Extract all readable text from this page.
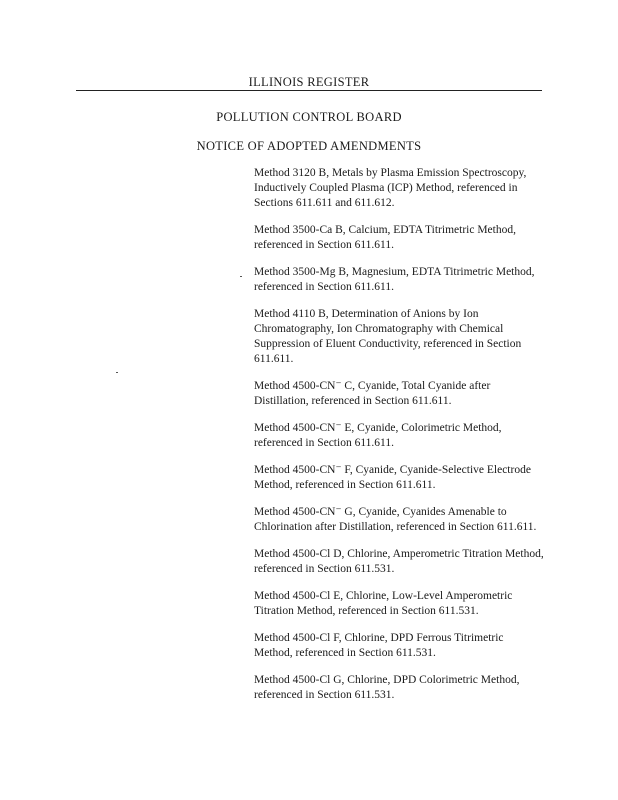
ILLINOIS REGISTER
POLLUTION CONTROL BOARD
NOTICE OF ADOPTED AMENDMENTS

Method 3120 B, Metals by Plasma Emission Spectroscopy, Inductively Coupled Plasma (ICP) Method, referenced in Sections 611.611 and 611.612.

Method 3500-Ca B, Calcium, EDTA Titrimetric Method, referenced in Section 611.611.

Method 3500-Mg B, Magnesium, EDTA Titrimetric Method, referenced in Section 611.611.

Method 4110 B, Determination of Anions by Ion Chromatography, Ion Chromatography with Chemical Suppression of Eluent Conductivity, referenced in Section 611.611.

Method 4500-CN⁻ C, Cyanide, Total Cyanide after Distillation, referenced in Section 611.611.

Method 4500-CN⁻ E, Cyanide, Colorimetric Method, referenced in Section 611.611.

Method 4500-CN⁻ F, Cyanide, Cyanide-Selective Electrode Method, referenced in Section 611.611.

Method 4500-CN⁻ G, Cyanide, Cyanides Amenable to Chlorination after Distillation, referenced in Section 611.611.

Method 4500-Cl D, Chlorine, Amperometric Titration Method, referenced in Section 611.531.

Method 4500-Cl E, Chlorine, Low-Level Amperometric Titration Method, referenced in Section 611.531.

Method 4500-Cl F, Chlorine, DPD Ferrous Titrimetric Method, referenced in Section 611.531.

Method 4500-Cl G, Chlorine, DPD Colorimetric Method, referenced in Section 611.531.
